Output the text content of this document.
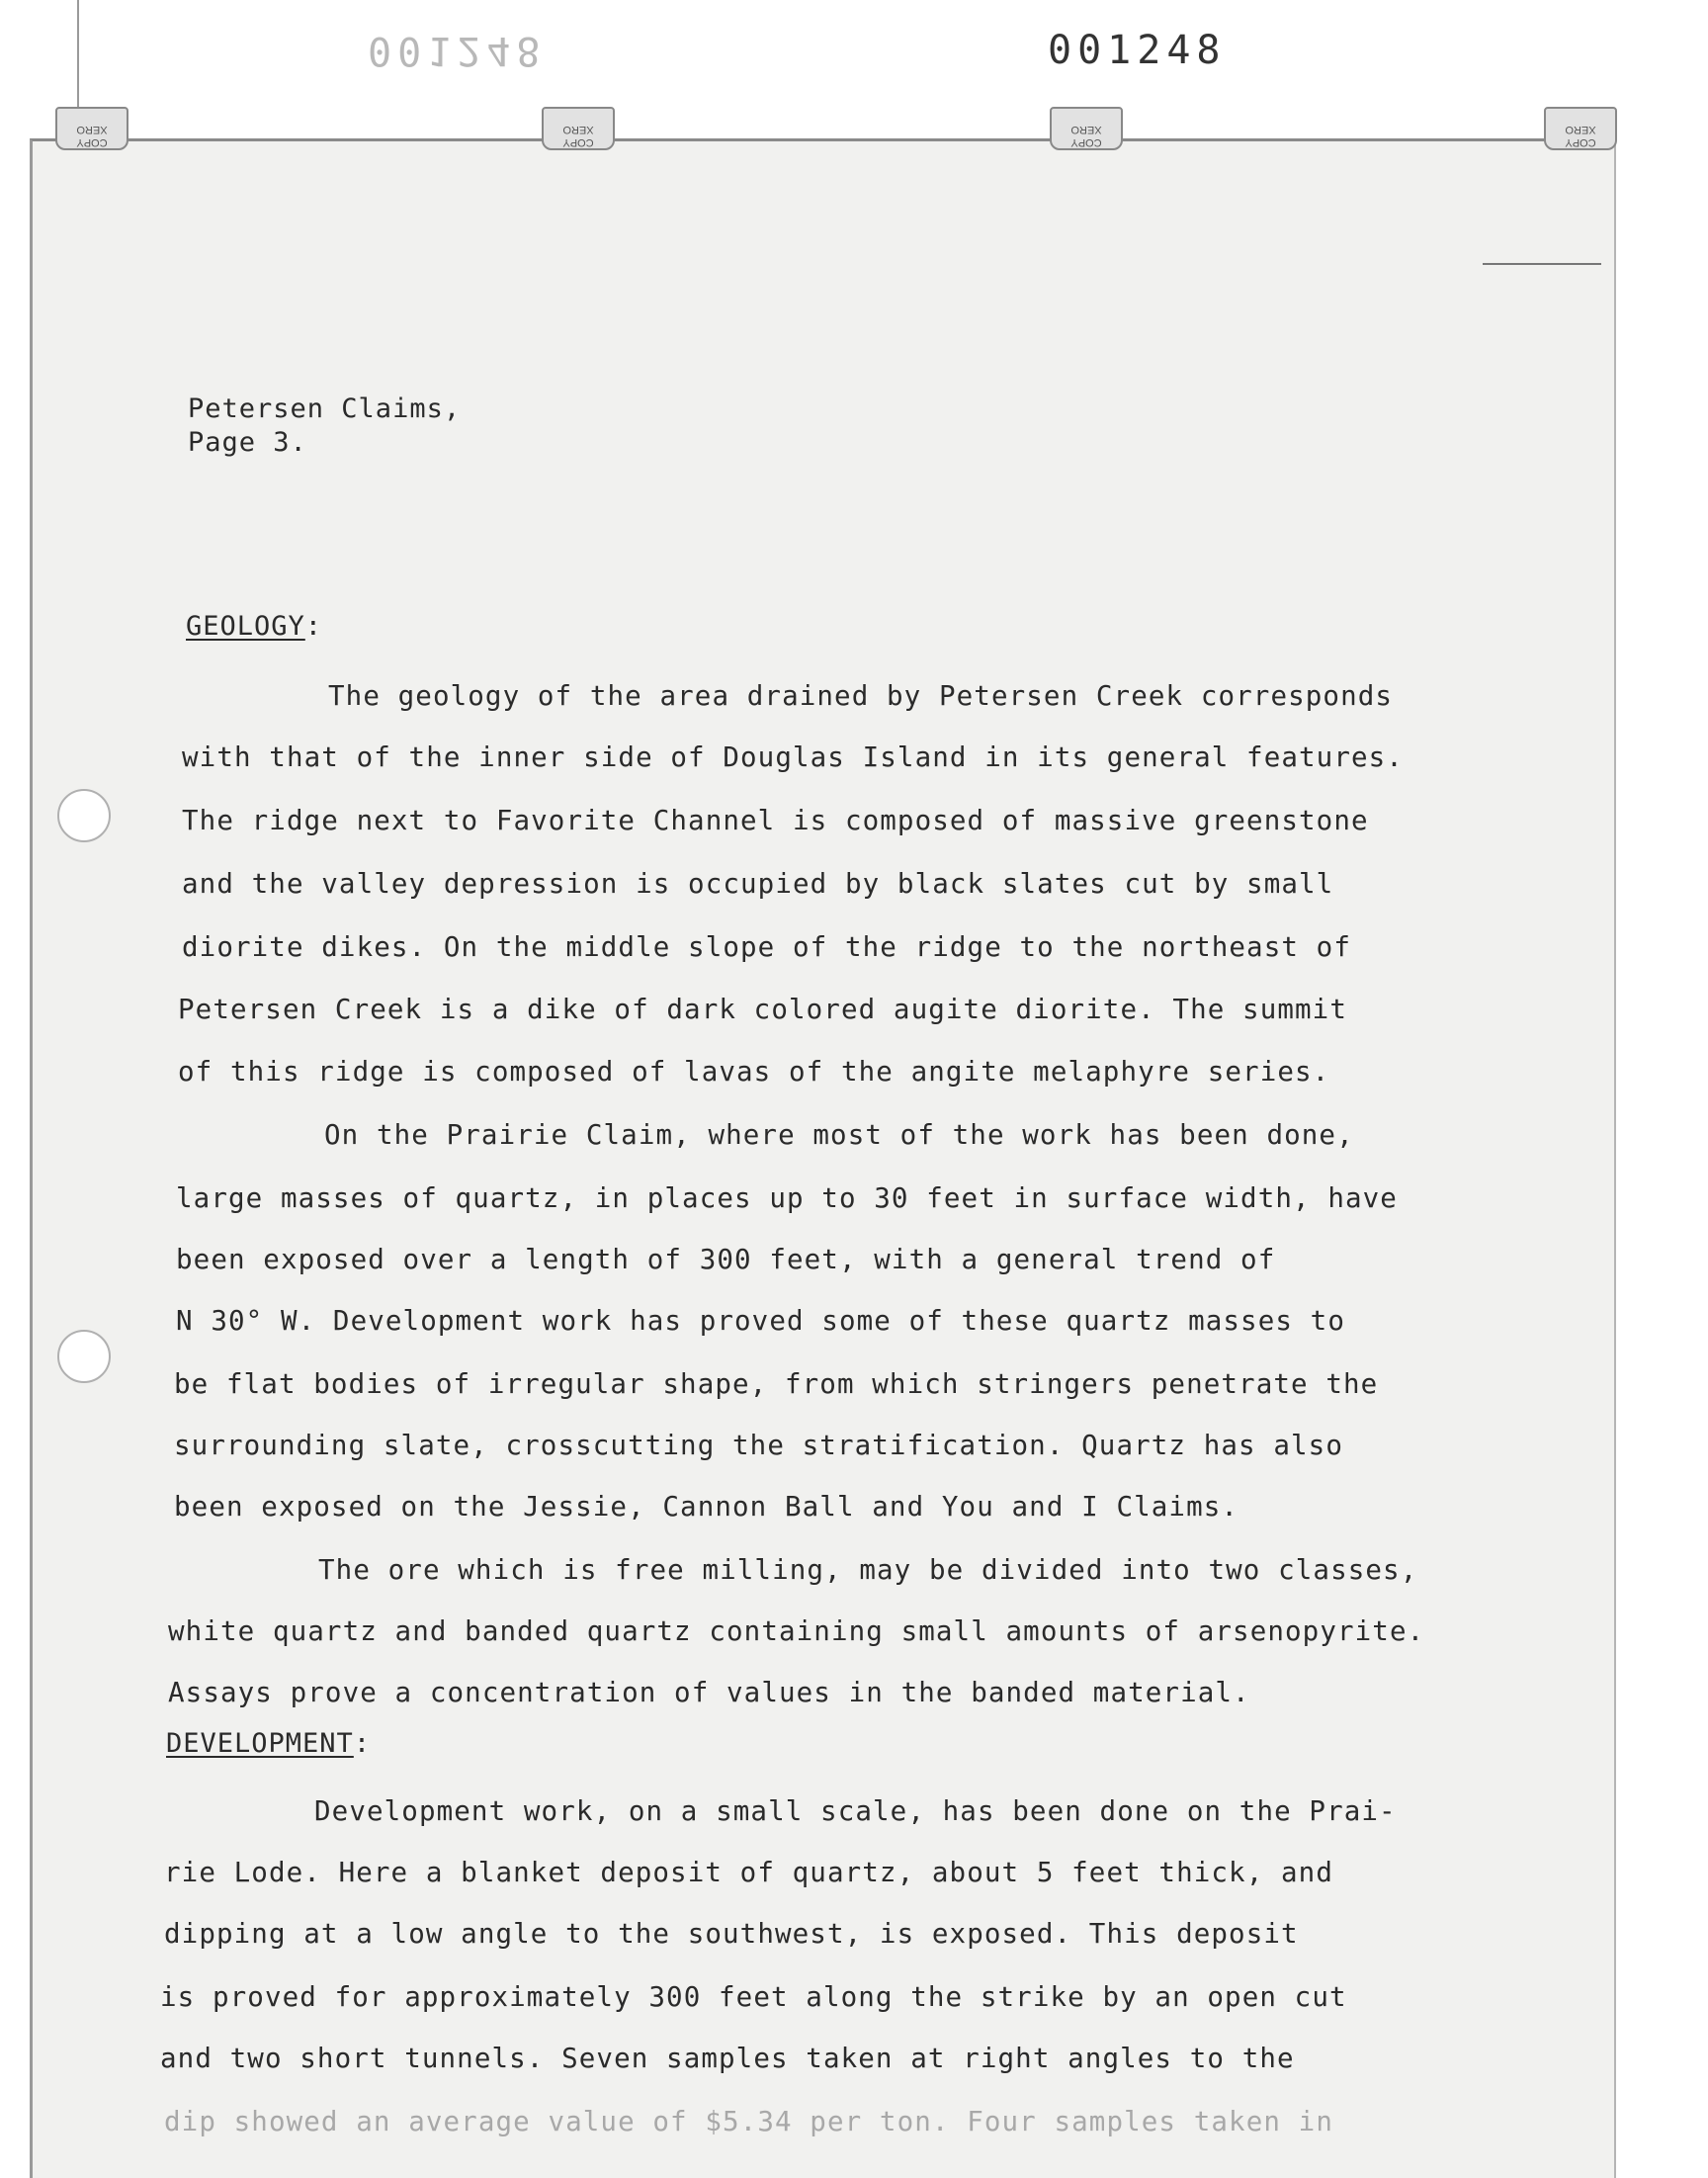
001248	001248
COPY
XERO
COPY
XERO
COPY
XERO
COPY
XERO
Petersen Claims,
Page 3.
GEOLOGY:
The geology of the area drained by Petersen Creek corresponds
with that of the inner side of Douglas Island in its general features.
The ridge next to Favorite Channel is composed of massive greenstone
and the valley depression is occupied by black slates cut by small
diorite dikes. On the middle slope of the ridge to the northeast of
Petersen Creek is a dike of dark colored augite diorite. The summit
of this ridge is composed of lavas of the angite melaphyre series.
On the Prairie Claim, where most of the work has been done,
large masses of quartz, in places up to 30 feet in surface width, have
been exposed over a length of 300 feet, with a general trend of
N 30° W. Development work has proved some of these quartz masses to
be flat bodies of irregular shape, from which stringers penetrate the
surrounding slate, crosscutting the stratification. Quartz has also
been exposed on the Jessie, Cannon Ball and You and I Claims.
The ore which is free milling, may be divided into two classes,
white quartz and banded quartz containing small amounts of arsenopyrite.
Assays prove a concentration of values in the banded material.
DEVELOPMENT:
Development work, on a small scale, has been done on the Prai-
rie Lode. Here a blanket deposit of quartz, about 5 feet thick, and
dipping at a low angle to the southwest, is exposed. This deposit
is proved for approximately 300 feet along the strike by an open cut
and two short tunnels. Seven samples taken at right angles to the
dip showed an average value of $5.34 per ton. Four samples taken in
